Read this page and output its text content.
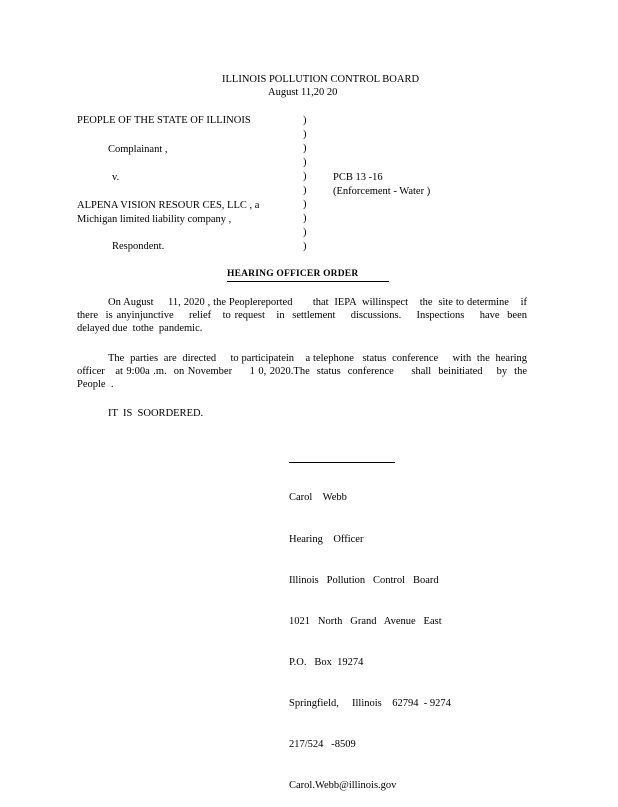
ILLINOIS POLLUTION CONTROL BOARD
August 11,20 20
PEOPLE OF THE STATE OF ILLINOIS
Complainant ,
v.
ALPENA VISION RESOUR CES, LLC , a
Michigan limited liability company ,
Respondent.
)
)
)
)
)
)
)
)
)
)
PCB 13 -16
(Enforcement - Water )
HEARING OFFICER ORDER
On August     11, 2020 , the Peoplereported       that  IEPA  willinspect    the  site to determine    if there  is anyinjunctive    relief   to request   in  settlement    discussions.    Inspections    have  been  delayed due  tothe  pandemic.
The  parties  are  directed     to participatein    a telephone   status  conference     with  the  hearing officer   at 9:00a .m.  on November     1 0, 2020.The  status  conference     shall  beinitiated    by  the People  .
IT  IS  SOORDERED.

Carol    Webb

Hearing    Officer

Illinois   Pollution   Control   Board

1021   North   Grand   Avenue   East

P.O.   Box  19274

Springfield,     Illinois    62794  - 9274

217/524   -8509

Carol.Webb@illinois.gov
